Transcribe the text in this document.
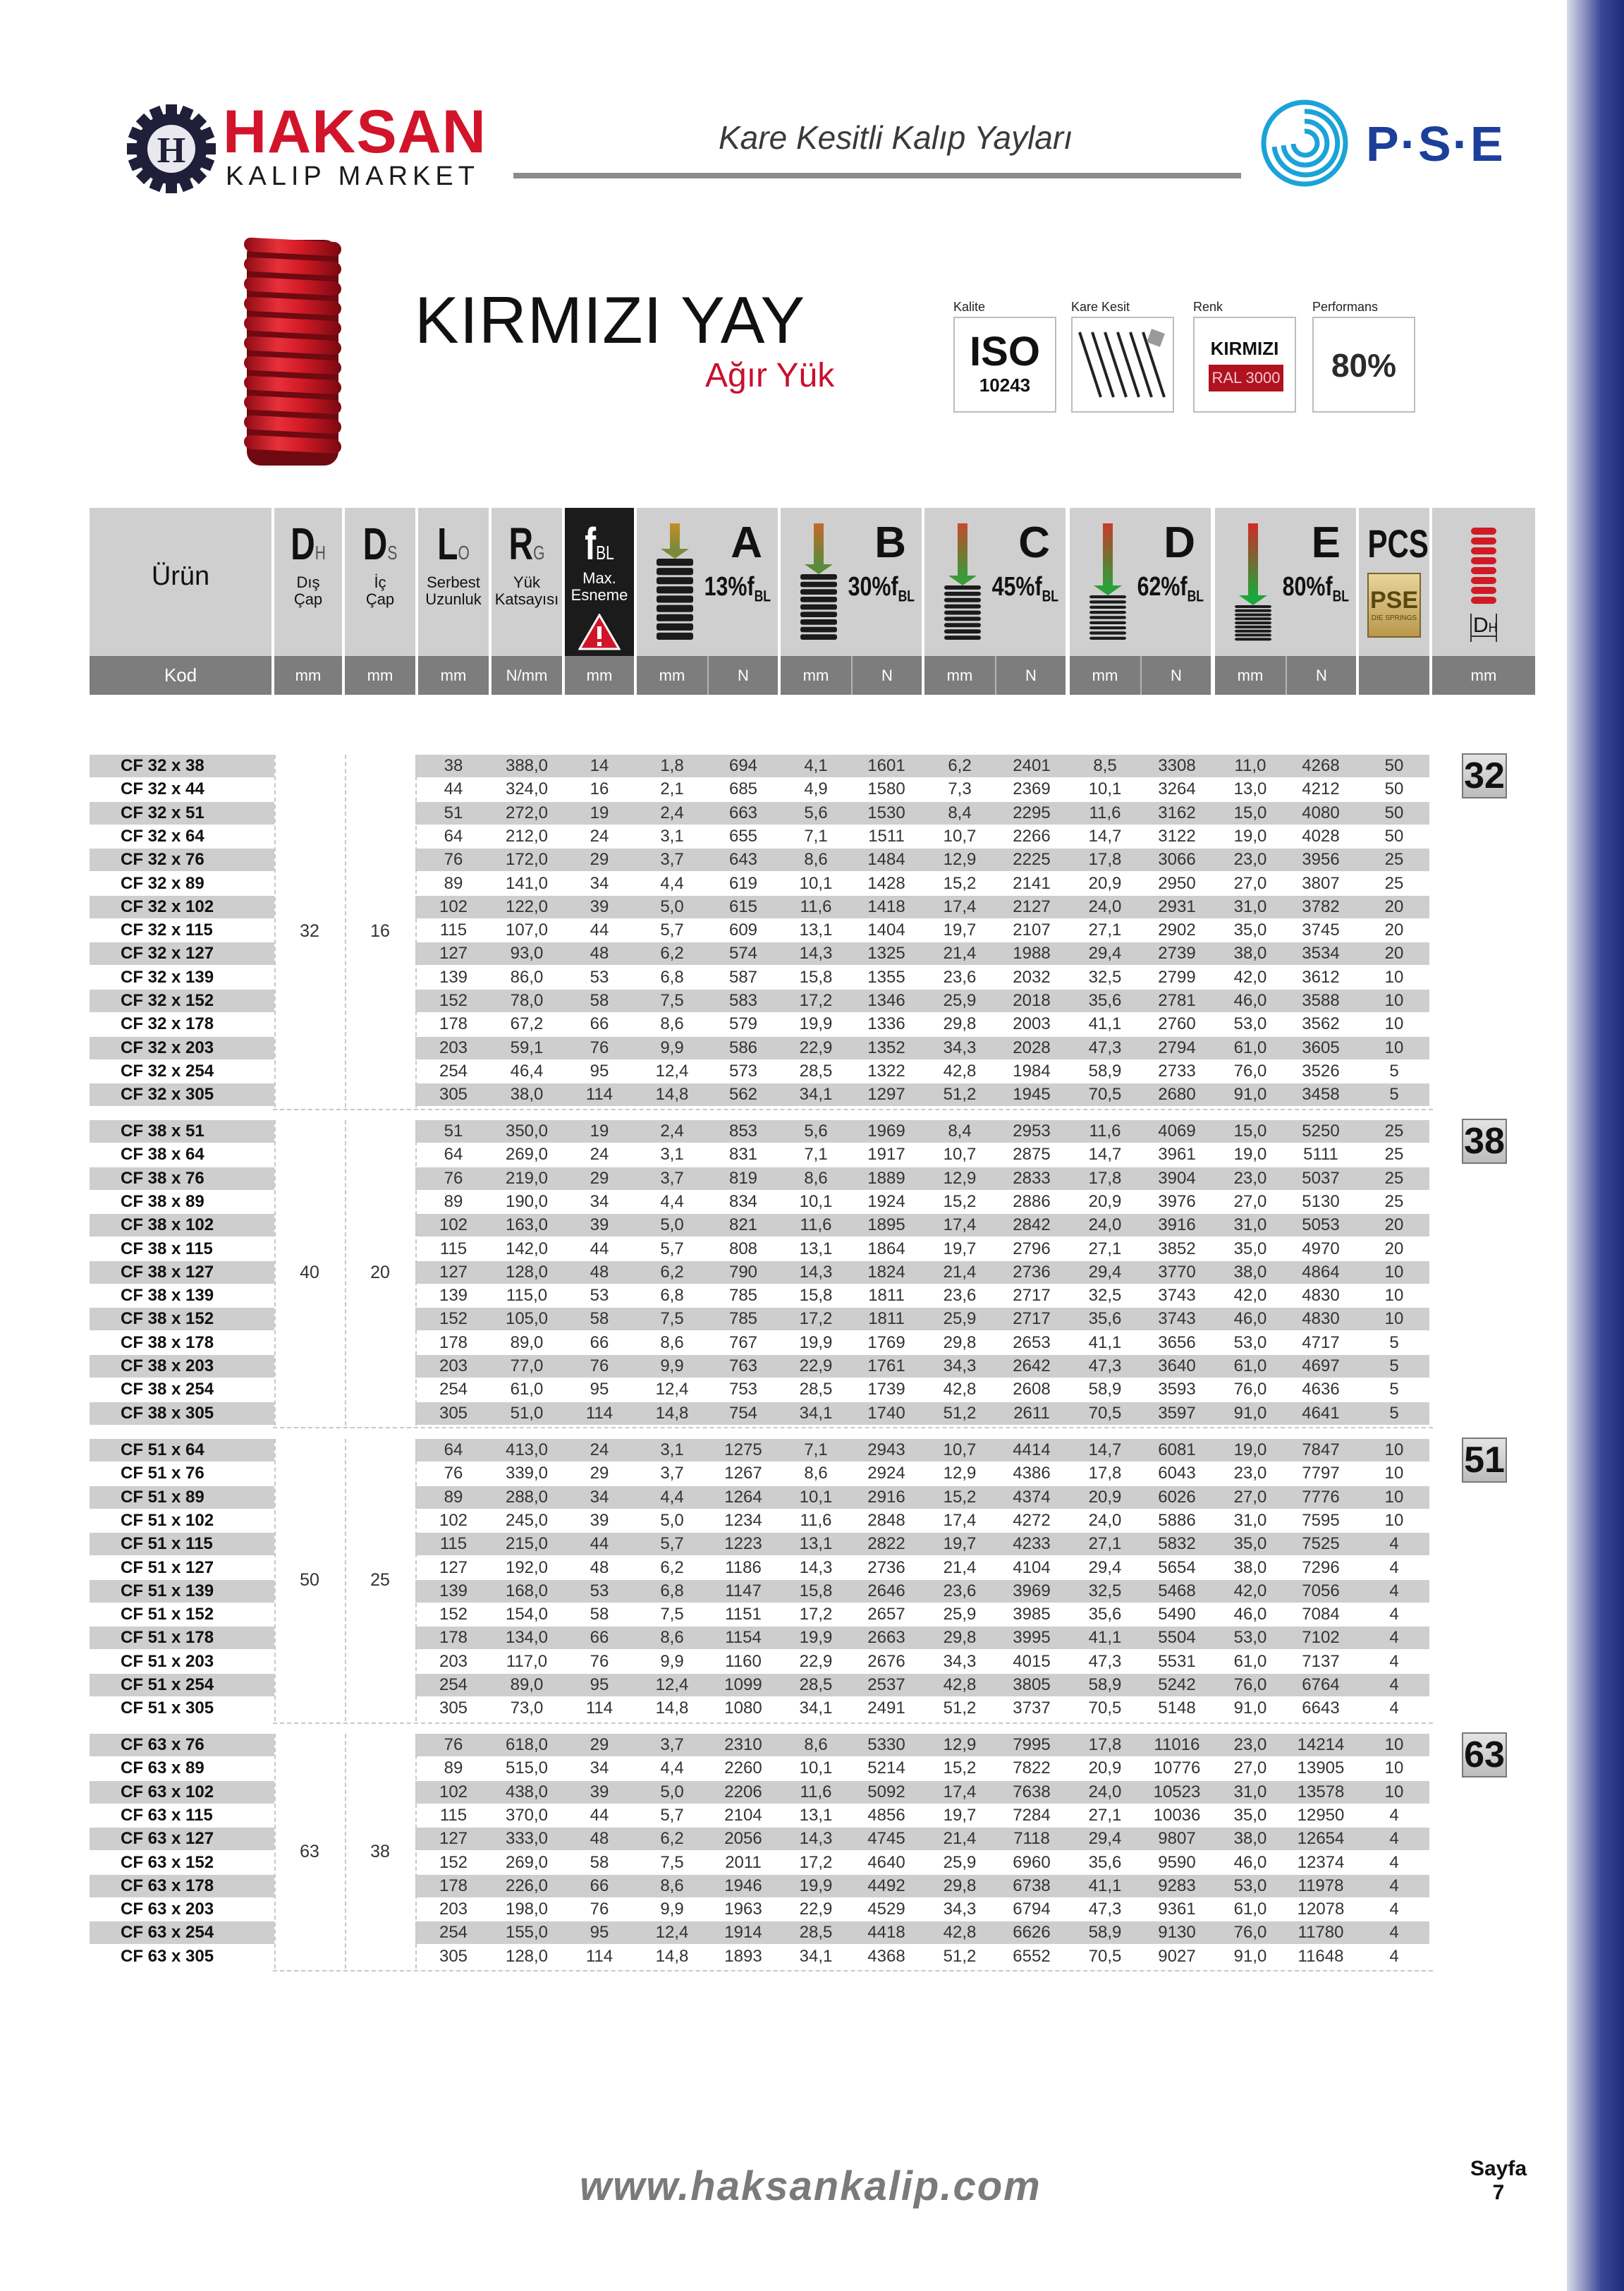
H HAKSAN
KALIP MARKET
Kare Kesitli Kalıp Yayları	P·S·E
KIRMIZI YAY
Ağır Yük
Kalite
ISO
10243
Kare Kesit	Renk
KIRMIZI
RAL 3000
Performans
80%
Ürün
Kod
DH
Dış
Çap
mm
DS
İç
Çap
mm
LO
Serbest
Uzunluk
mm
RG
Yük
Katsayısı
N/mm
fBL
Max.
Esneme
mm
PCS
PSE
DIE SPRINGS	DH
mm
A
$13\%f_{BL}$
mm	N
B
$30\%f_{BL}$
mm	N
C
$45\%f_{BL}$
mm	N
D
$62\%f_{BL}$
mm	N
E
$80\%f_{BL}$
mm	N
CF 32 x 38	38	388,0	14	1,8	694	4,1	1601	6,2	2401	8,5	3308	11,0	4268	50
CF 32 x 44	44	324,0	16	2,1	685	4,9	1580	7,3	2369	10,1	3264	13,0	4212	50
CF 32 x 51	51	272,0	19	2,4	663	5,6	1530	8,4	2295	11,6	3162	15,0	4080	50
CF 32 x 64	64	212,0	24	3,1	655	7,1	1511	10,7	2266	14,7	3122	19,0	4028	50
CF 32 x 76	76	172,0	29	3,7	643	8,6	1484	12,9	2225	17,8	3066	23,0	3956	25
CF 32 x 89	89	141,0	34	4,4	619	10,1	1428	15,2	2141	20,9	2950	27,0	3807	25
CF 32 x 102	102	122,0	39	5,0	615	11,6	1418	17,4	2127	24,0	2931	31,0	3782	20
CF 32 x 115	115	107,0	44	5,7	609	13,1	1404	19,7	2107	27,1	2902	35,0	3745	20
CF 32 x 127	127	93,0	48	6,2	574	14,3	1325	21,4	1988	29,4	2739	38,0	3534	20
CF 32 x 139	139	86,0	53	6,8	587	15,8	1355	23,6	2032	32,5	2799	42,0	3612	10
CF 32 x 152	152	78,0	58	7,5	583	17,2	1346	25,9	2018	35,6	2781	46,0	3588	10
CF 32 x 178	178	67,2	66	8,6	579	19,9	1336	29,8	2003	41,1	2760	53,0	3562	10
CF 32 x 203	203	59,1	76	9,9	586	22,9	1352	34,3	2028	47,3	2794	61,0	3605	10
CF 32 x 254	254	46,4	95	12,4	573	28,5	1322	42,8	1984	58,9	2733	76,0	3526	5
CF 32 x 305	305	38,0	114	14,8	562	34,1	1297	51,2	1945	70,5	2680	91,0	3458	5
32	16
CF 38 x 51	51	350,0	19	2,4	853	5,6	1969	8,4	2953	11,6	4069	15,0	5250	25
CF 38 x 64	64	269,0	24	3,1	831	7,1	1917	10,7	2875	14,7	3961	19,0	5111	25
CF 38 x 76	76	219,0	29	3,7	819	8,6	1889	12,9	2833	17,8	3904	23,0	5037	25
CF 38 x 89	89	190,0	34	4,4	834	10,1	1924	15,2	2886	20,9	3976	27,0	5130	25
CF 38 x 102	102	163,0	39	5,0	821	11,6	1895	17,4	2842	24,0	3916	31,0	5053	20
CF 38 x 115	115	142,0	44	5,7	808	13,1	1864	19,7	2796	27,1	3852	35,0	4970	20
CF 38 x 127	127	128,0	48	6,2	790	14,3	1824	21,4	2736	29,4	3770	38,0	4864	10
CF 38 x 139	139	115,0	53	6,8	785	15,8	1811	23,6	2717	32,5	3743	42,0	4830	10
CF 38 x 152	152	105,0	58	7,5	785	17,2	1811	25,9	2717	35,6	3743	46,0	4830	10
CF 38 x 178	178	89,0	66	8,6	767	19,9	1769	29,8	2653	41,1	3656	53,0	4717	5
CF 38 x 203	203	77,0	76	9,9	763	22,9	1761	34,3	2642	47,3	3640	61,0	4697	5
CF 38 x 254	254	61,0	95	12,4	753	28,5	1739	42,8	2608	58,9	3593	76,0	4636	5
CF 38 x 305	305	51,0	114	14,8	754	34,1	1740	51,2	2611	70,5	3597	91,0	4641	5
40	20
CF 51 x 64	64	413,0	24	3,1	1275	7,1	2943	10,7	4414	14,7	6081	19,0	7847	10
CF 51 x 76	76	339,0	29	3,7	1267	8,6	2924	12,9	4386	17,8	6043	23,0	7797	10
CF 51 x 89	89	288,0	34	4,4	1264	10,1	2916	15,2	4374	20,9	6026	27,0	7776	10
CF 51 x 102	102	245,0	39	5,0	1234	11,6	2848	17,4	4272	24,0	5886	31,0	7595	10
CF 51 x 115	115	215,0	44	5,7	1223	13,1	2822	19,7	4233	27,1	5832	35,0	7525	4
CF 51 x 127	127	192,0	48	6,2	1186	14,3	2736	21,4	4104	29,4	5654	38,0	7296	4
CF 51 x 139	139	168,0	53	6,8	1147	15,8	2646	23,6	3969	32,5	5468	42,0	7056	4
CF 51 x 152	152	154,0	58	7,5	1151	17,2	2657	25,9	3985	35,6	5490	46,0	7084	4
CF 51 x 178	178	134,0	66	8,6	1154	19,9	2663	29,8	3995	41,1	5504	53,0	7102	4
CF 51 x 203	203	117,0	76	9,9	1160	22,9	2676	34,3	4015	47,3	5531	61,0	7137	4
CF 51 x 254	254	89,0	95	12,4	1099	28,5	2537	42,8	3805	58,9	5242	76,0	6764	4
CF 51 x 305	305	73,0	114	14,8	1080	34,1	2491	51,2	3737	70,5	5148	91,0	6643	4
50	25
CF 63 x 76	76	618,0	29	3,7	2310	8,6	5330	12,9	7995	17,8	11016	23,0	14214	10
CF 63 x 89	89	515,0	34	4,4	2260	10,1	5214	15,2	7822	20,9	10776	27,0	13905	10
CF 63 x 102	102	438,0	39	5,0	2206	11,6	5092	17,4	7638	24,0	10523	31,0	13578	10
CF 63 x 115	115	370,0	44	5,7	2104	13,1	4856	19,7	7284	27,1	10036	35,0	12950	4
CF 63 x 127	127	333,0	48	6,2	2056	14,3	4745	21,4	7118	29,4	9807	38,0	12654	4
CF 63 x 152	152	269,0	58	7,5	2011	17,2	4640	25,9	6960	35,6	9590	46,0	12374	4
CF 63 x 178	178	226,0	66	8,6	1946	19,9	4492	29,8	6738	41,1	9283	53,0	11978	4
CF 63 x 203	203	198,0	76	9,9	1963	22,9	4529	34,3	6794	47,3	9361	61,0	12078	4
CF 63 x 254	254	155,0	95	12,4	1914	28,5	4418	42,8	6626	58,9	9130	76,0	11780	4
CF 63 x 305	305	128,0	114	14,8	1893	34,1	4368	51,2	6552	70,5	9027	91,0	11648	4
63	38
www.haksankalip.com	Sayfa
7
32
38
51
63
